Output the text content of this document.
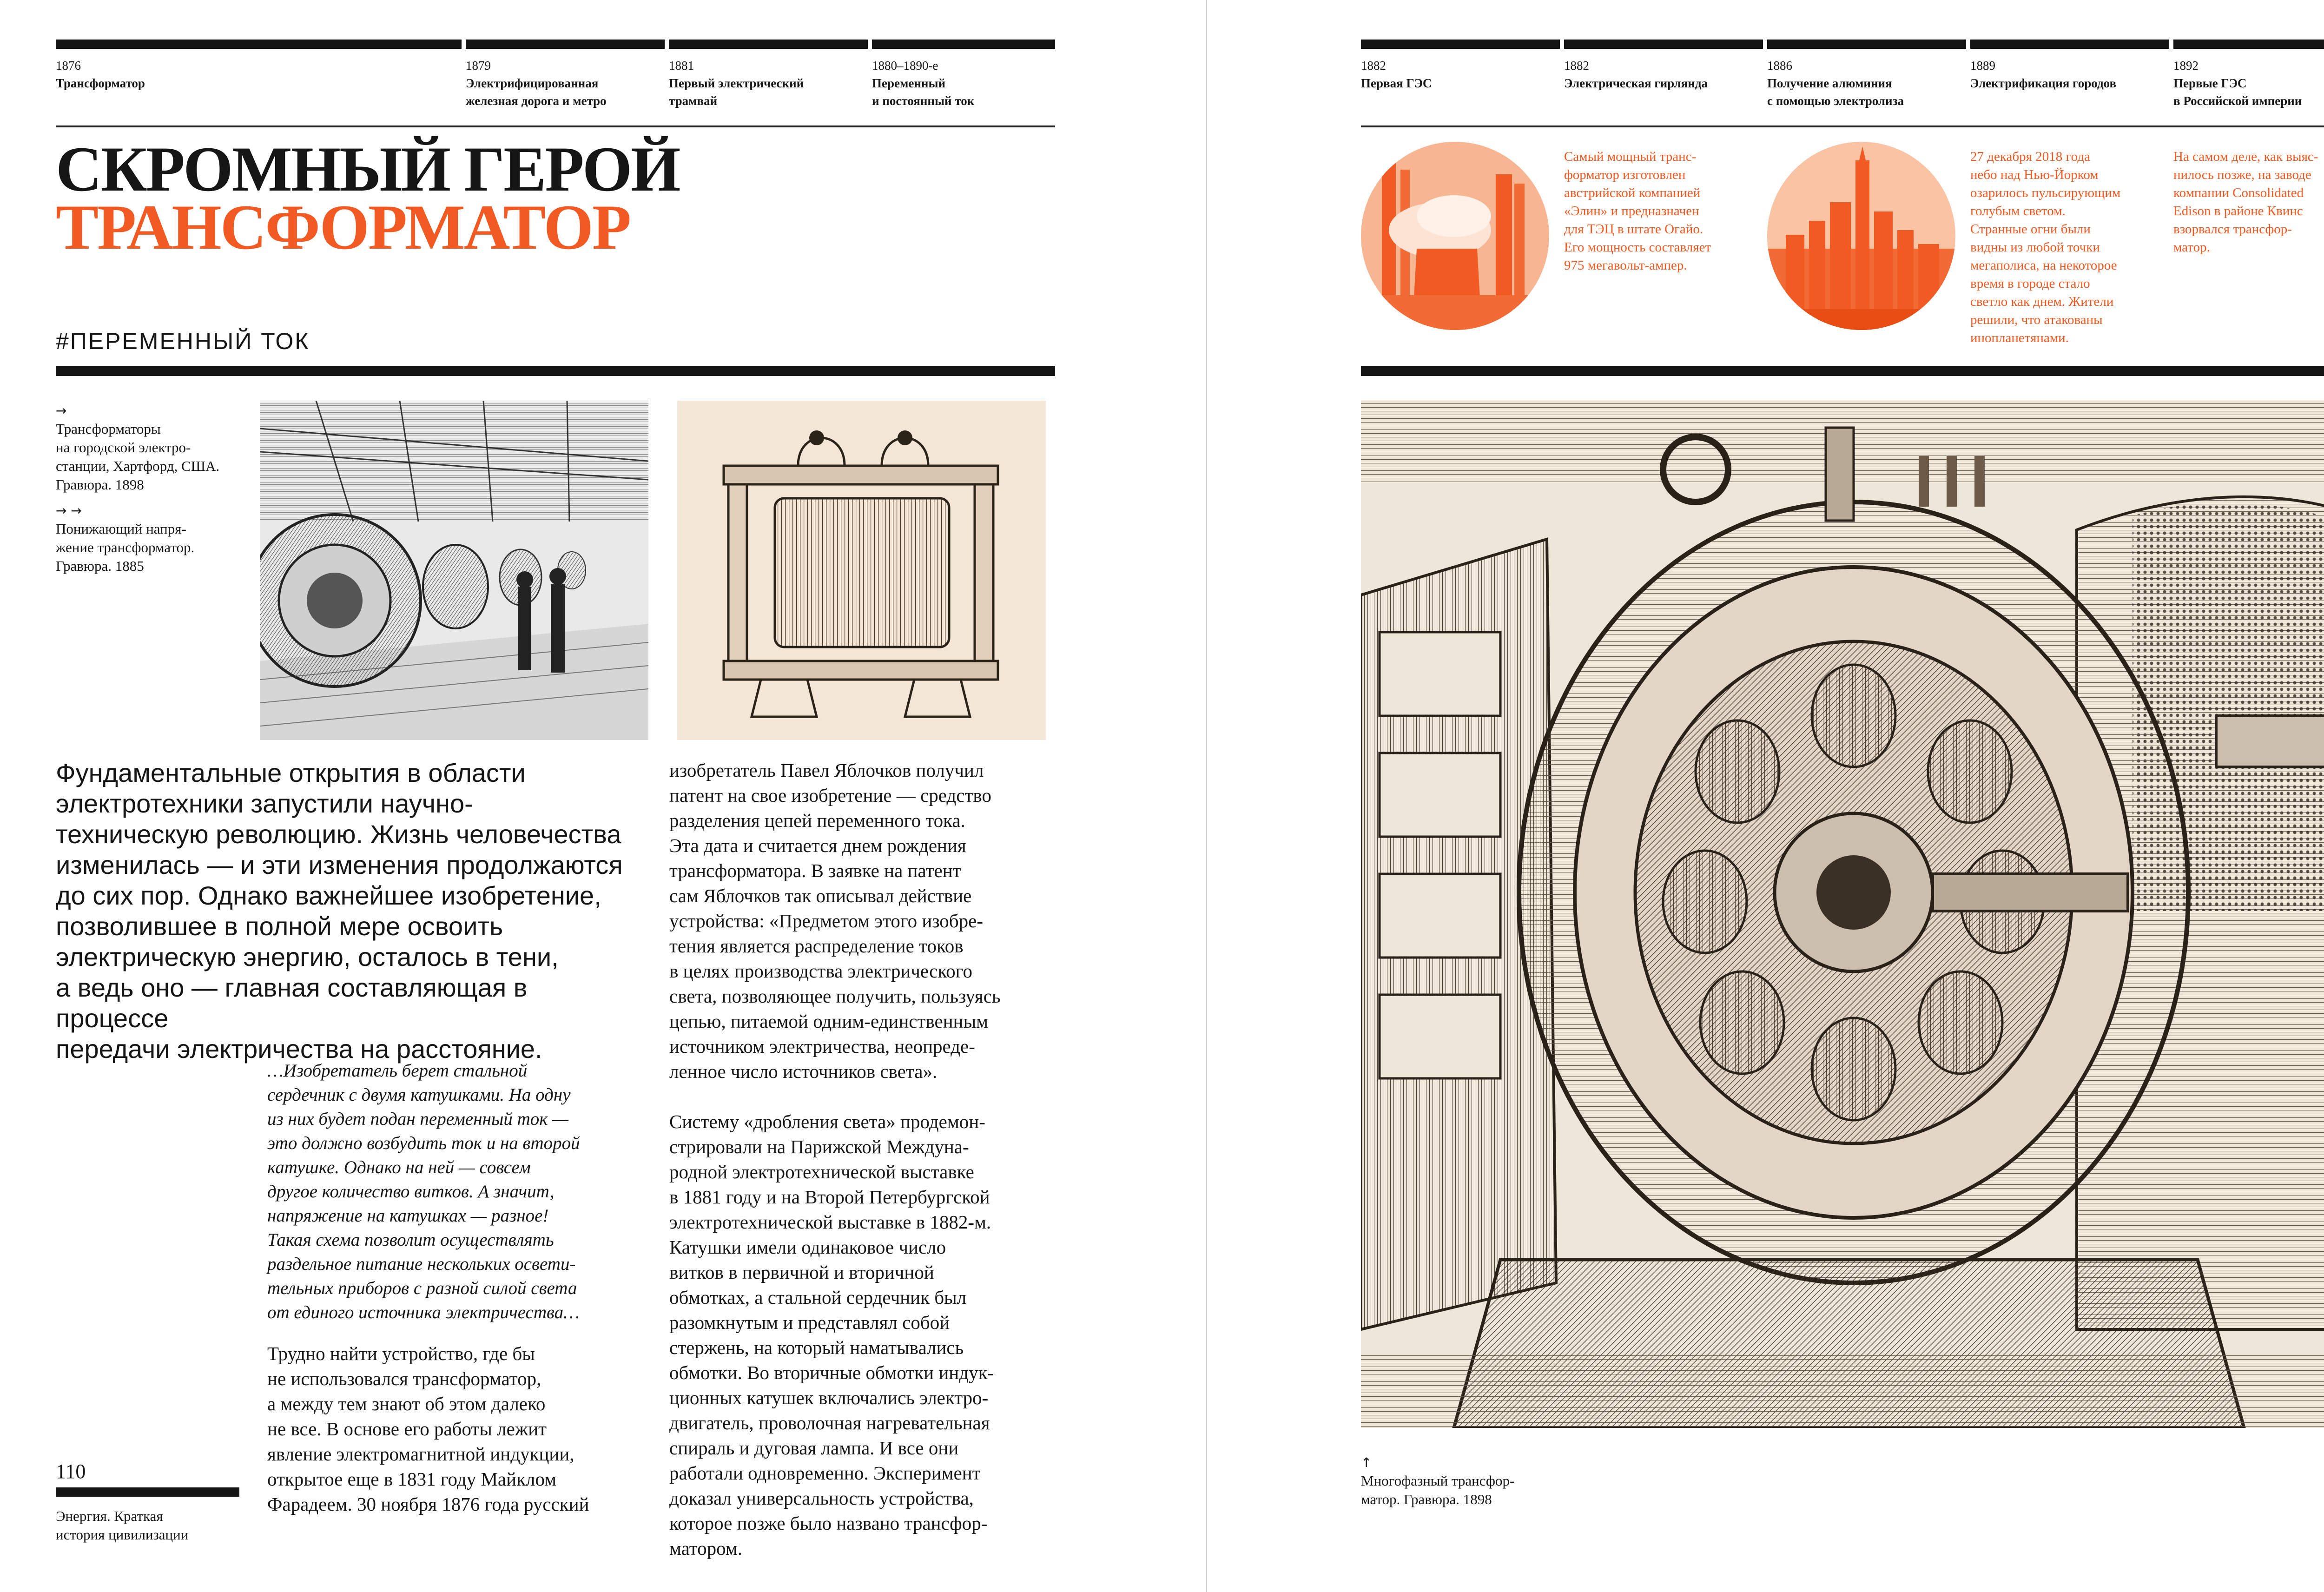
1876
Трансформатор
1879
Электрифицированная
железная дорога и метро
1881
Первый электрический
трамвай
1880–1890-е
Переменный
и постоянный ток
СКРОМНЫЙ ГЕРОЙ
ТРАНСФОРМАТОР
#ПЕРЕМЕННЫЙ ТОК
→
Трансформаторы
на городской электро-
станции, Хартфорд, США.
Гравюра. 1898
→ →
Понижающий напря-
жение трансформатор.
Гравюра. 1885
Фундаментальные открытия в области
электротехники запустили научно-
техническую революцию. Жизнь человечества
изменилась — и эти изменения продолжаются
до сих пор. Однако важнейшее изобретение,
позволившее в полной мере освоить
электрическую энергию, осталось в тени,
а ведь оно — главная составляющая в процессе
передачи электричества на расстояние.
…Изобретатель берет стальной
сердечник с двумя катушками. На одну
из них будет подан переменный ток —
это должно возбудить ток и на второй
катушке. Однако на ней — совсем
другое количество витков. А значит,
напряжение на катушках — разное!
Такая схема позволит осуществлять
раздельное питание нескольких освети-
тельных приборов с разной силой света
от единого источника электричества…
Трудно найти устройство, где бы
не использовался трансформатор,
а между тем знают об этом далеко
не все. В основе его работы лежит
явление электромагнитной индукции,
открытое еще в 1831 году Майклом
Фарадеем. 30 ноября 1876 года русский

изобретатель Павел Яблочков получил
патент на свое изобретение — средство
разделения цепей переменного тока.
Эта дата и считается днем рождения
трансформатора. В заявке на патент
сам Яблочков так описывал действие
устройства: «Предметом этого изобре-
тения является распределение токов
в целях производства электрического
света, позволяющее получить, пользуясь
цепью, питаемой одним-единственным
источником электричества, неопреде-
ленное число источников света».

Систему «дробления света» продемон-
стрировали на Парижской Междуна-
родной электротехнической выставке
в 1881 году и на Второй Петербургской
электротехнической выставке в 1882-м.
Катушки имели одинаковое число
витков в первичной и вторичной
обмотках, а стальной сердечник был
разомкнутым и представлял собой
стержень, на который наматывались
обмотки. Во вторичные обмотки индук-
ционных катушек включались электро-
двигатель, проволочная нагревательная
спираль и дуговая лампа. И все они
работали одновременно. Эксперимент
доказал универсальность устройства,
которое позже было названо трансфор-
матором.

110
Энергия. Краткая
история цивилизации
1882
Первая ГЭС
1882
Электрическая гирлянда
1886
Получение алюминия
с помощью электролиза
1889
Электрификация городов
1892
Первые ГЭС
в Российской империи
Самый мощный транс-
форматор изготовлен
австрийской компанией
«Элин» и предназначен
для ТЭЦ в штате Огайо.
Его мощность составляет
975 мегавольт-ампер.
27 декабря 2018 года
небо над Нью-Йорком
озарилось пульсирующим
голубым светом.
Странные огни были
видны из любой точки
мегаполиса, на некоторое
время в городе стало
светло как днем. Жители
решили, что атакованы
инопланетянами.
На самом деле, как выяс-
нилось позже, на заводе
компании Consolidated
Edison в районе Квинс
взорвался трансфор-
матор.
↑
Многофазный трансфор-
матор. Гравюра. 1898
